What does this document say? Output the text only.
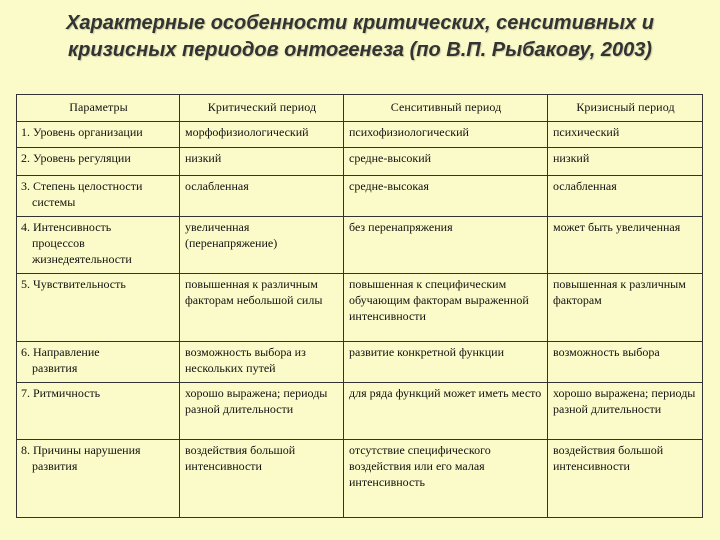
Характерные особенности критических, сенситивных и
кризисных периодов онтогенеза (по В.П. Рыбакову, 2003)
Параметры	Критический период	Сенситивный период	Кризисный период
1. Уровень организации	морфофизиологический	психофизиологический	психический
2. Уровень регуляции	низкий	средне-высокий	низкий
3. Степень целостности
системы	ослабленная	средне-высокая	ослабленная
4. Интенсивность
процессов
жизнедеятельности	увеличенная (перенапряжение)	без перенапряжения	может быть увеличенная
5. Чувствительность	повышенная к различным факторам небольшой силы	повышенная к специфическим обучающим факторам выраженной интенсивности	повышенная к различным факторам
6. Направление
развития	возможность выбора из нескольких путей	развитие конкретной функции	возможность выбора
7. Ритмичность	хорошо выражена; периоды разной длительности	для ряда функций может иметь место	хорошо выражена; периоды разной длительности
8. Причины нарушения
развития	воздействия большой интенсивности	отсутствие специфического воздействия или его малая интенсивность	воздействия большой интенсивности
